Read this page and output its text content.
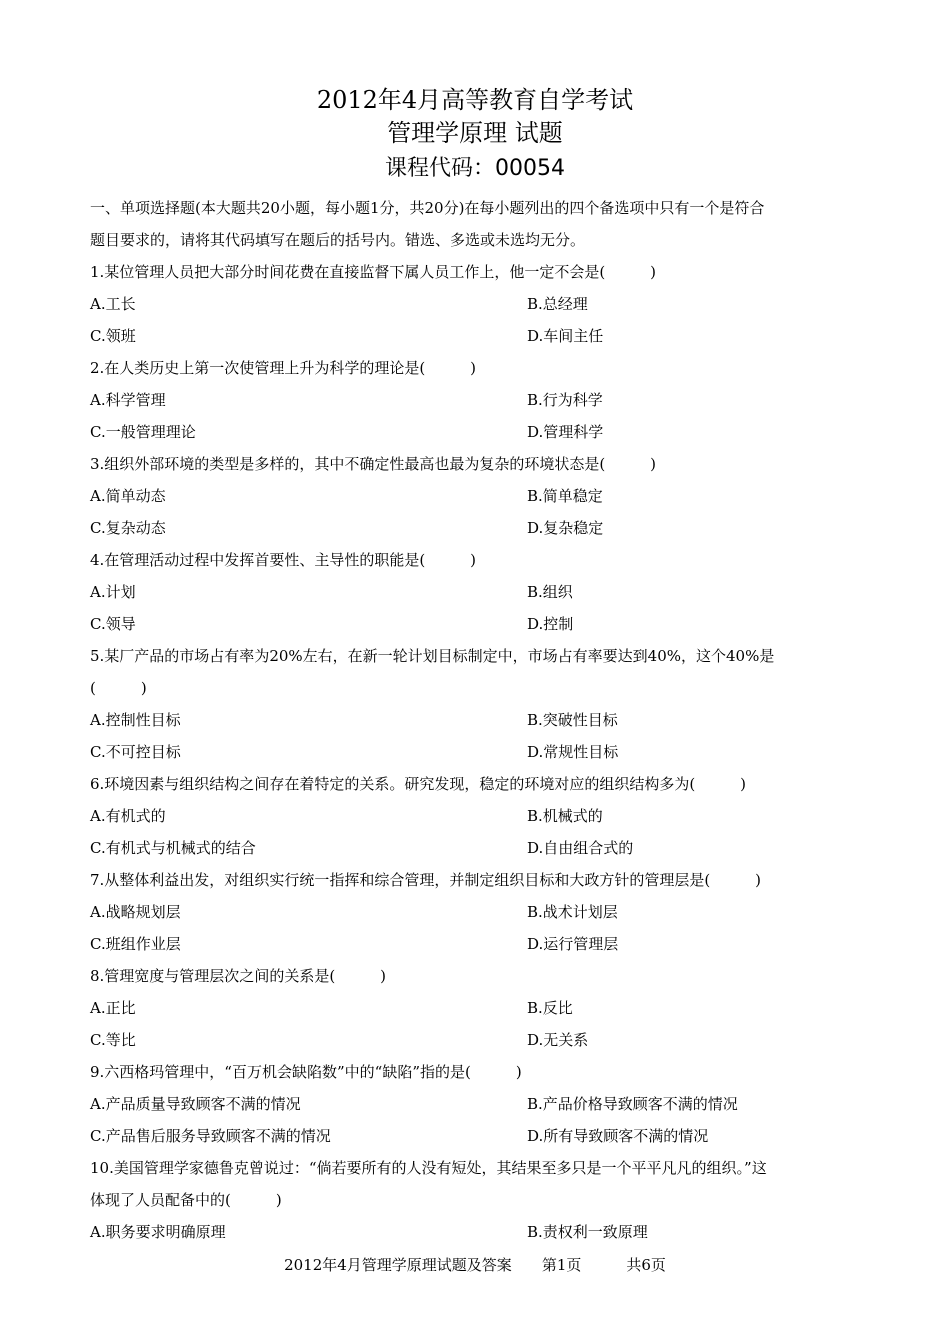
2012年4月高等教育自学考试
管理学原理 试题
课程代码：00054
一、单项选择题(本大题共20小题，每小题1分，共20分)在每小题列出的四个备选项中只有一个是符合
题目要求的，请将其代码填写在题后的括号内。错选、多选或未选均无分。
1.某位管理人员把大部分时间花费在直接监督下属人员工作上，他一定不会是(　　　)
A.工长	B.总经理
C.领班	D.车间主任
2.在人类历史上第一次使管理上升为科学的理论是(　　　)
A.科学管理	B.行为科学
C.一般管理理论	D.管理科学
3.组织外部环境的类型是多样的，其中不确定性最高也最为复杂的环境状态是(　　　)
A.简单动态	B.简单稳定
C.复杂动态	D.复杂稳定
4.在管理活动过程中发挥首要性、主导性的职能是(　　　)
A.计划	B.组织
C.领导	D.控制
5.某厂产品的市场占有率为20%左右，在新一轮计划目标制定中，市场占有率要达到40%，这个40%是
(　　　)
A.控制性目标	B.突破性目标
C.不可控目标	D.常规性目标
6.环境因素与组织结构之间存在着特定的关系。研究发现，稳定的环境对应的组织结构多为(　　　)
A.有机式的	B.机械式的
C.有机式与机械式的结合	D.自由组合式的
7.从整体利益出发，对组织实行统一指挥和综合管理，并制定组织目标和大政方针的管理层是(　　　)
A.战略规划层	B.战术计划层
C.班组作业层	D.运行管理层
8.管理宽度与管理层次之间的关系是(　　　)
A.正比	B.反比
C.等比	D.无关系
9.六西格玛管理中，“百万机会缺陷数”中的“缺陷”指的是(　　　)
A.产品质量导致顾客不满的情况	B.产品价格导致顾客不满的情况
C.产品售后服务导致顾客不满的情况	D.所有导致顾客不满的情况
10.美国管理学家德鲁克曾说过：“倘若要所有的人没有短处，其结果至多只是一个平平凡凡的组织。”这
体现了人员配备中的(　　　)
A.职务要求明确原理	B.责权利一致原理
2012年4月管理学原理试题及答案　　第1页　　　共6页
